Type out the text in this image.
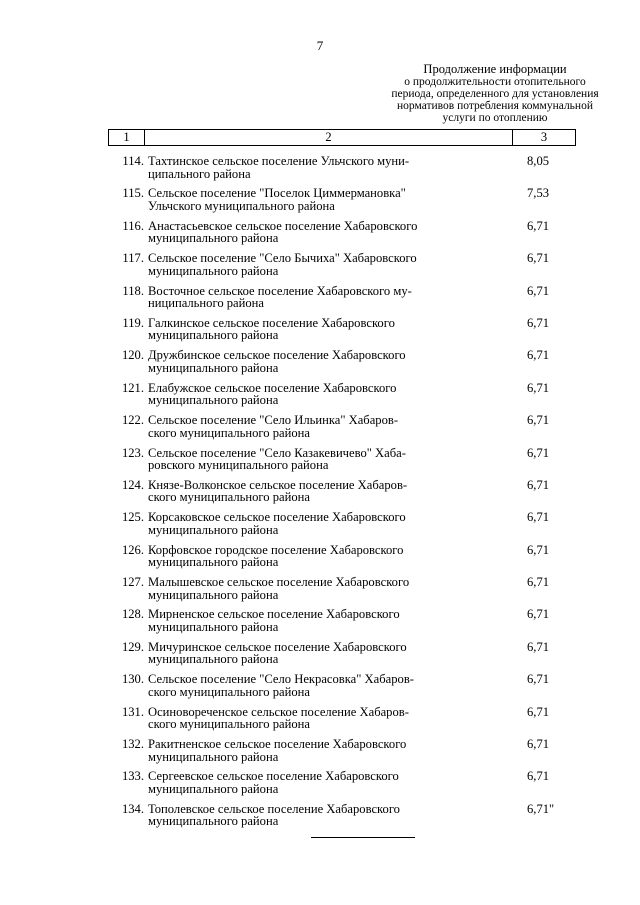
7
Продолжение информации
о продолжительности отопительного
периода, определенного для установления
нормативов потребления коммунальной
услуги по отоплению
1	2	3
114. Тахтинское сельское поселение Ульчского муни-
ципального района
8,05
115. Сельское поселение "Поселок Циммермановка"
Ульчского муниципального района
7,53
116. Анастасьевское сельское поселение Хабаровского
муниципального района
6,71
117. Сельское поселение "Село Бычиха" Хабаровского
муниципального района
6,71
118. Восточное сельское поселение Хабаровского му-
ниципального района
6,71
119. Галкинское сельское поселение Хабаровского
муниципального района
6,71
120. Дружбинское сельское поселение Хабаровского
муниципального района
6,71
121. Елабужское сельское поселение Хабаровского
муниципального района
6,71
122. Сельское поселение "Село Ильинка" Хабаров-
ского муниципального района
6,71
123. Сельское поселение "Село Казакевичево" Хаба-
ровского муниципального района
6,71
124. Князе-Волконское сельское поселение Хабаров-
ского муниципального района
6,71
125. Корсаковское сельское поселение Хабаровского
муниципального района
6,71
126. Корфовское городское поселение Хабаровского
муниципального района
6,71
127. Малышевское сельское поселение Хабаровского
муниципального района
6,71
128. Мирненское сельское поселение Хабаровского
муниципального района
6,71
129. Мичуринское сельское поселение Хабаровского
муниципального района
6,71
130. Сельское поселение "Село Некрасовка" Хабаров-
ского муниципального района
6,71
131. Осиновореченское сельское поселение Хабаров-
ского муниципального района
6,71
132. Ракитненское сельское поселение Хабаровского
муниципального района
6,71
133. Сергеевское сельское поселение Хабаровского
муниципального района
6,71
134. Тополевское сельское поселение Хабаровского
муниципального района
6,71"
